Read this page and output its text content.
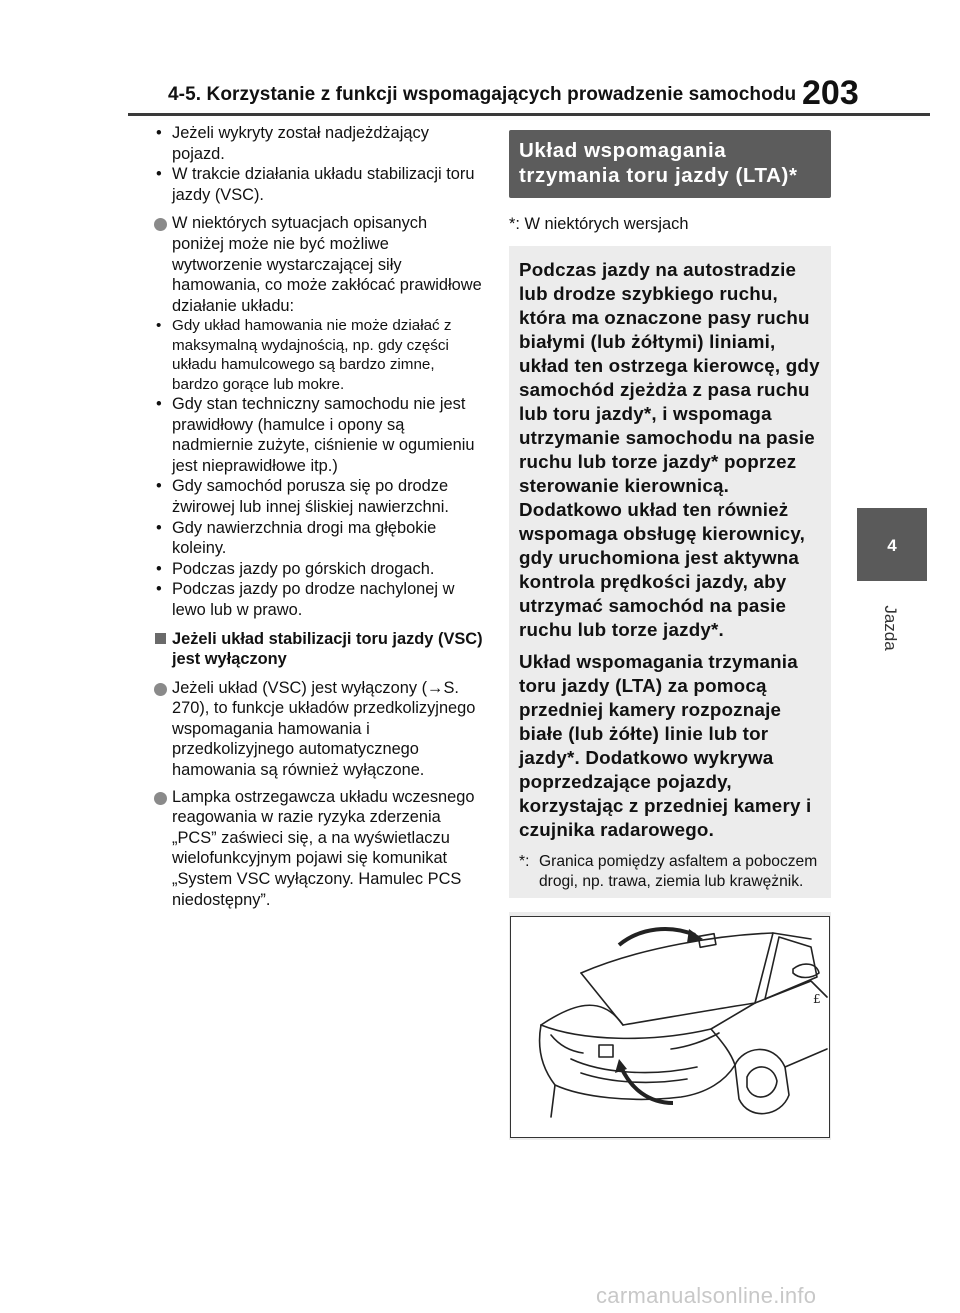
4-5. Korzystanie z funkcji wspomagających prowadzenie samochodu 203
4
Jazda

• Jeżeli wykryty został nadjeżdżający pojazd.

• W trakcie działania układu stabilizacji toru jazdy (VSC).

W niektórych sytuacjach opisanych poniżej może nie być możliwe wytworzenie wystarczającej siły hamowania, co może zakłócać prawidłowe działanie układu:

• Gdy układ hamowania nie może działać z maksymalną wydajnością, np. gdy części układu hamulcowego są bardzo zimne, bardzo gorące lub mokre.

• Gdy stan techniczny samochodu nie jest prawidłowy (hamulce i opony są nadmiernie zużyte, ciśnienie w ogumieniu jest nieprawidłowe itp.)

• Gdy samochód porusza się po drodze żwirowej lub innej śliskiej nawierzchni.

• Gdy nawierzchnia drogi ma głębokie koleiny.

• Podczas jazdy po górskich drogach.

• Podczas jazdy po drodze nachylonej w lewo lub w prawo.

Jeżeli układ stabilizacji toru jazdy (VSC) jest wyłączony

Jeżeli układ (VSC) jest wyłączony (→S. 270), to funkcje układów przedkolizyjnego wspomagania hamowania i przedkolizyjnego automatycznego hamowania są również wyłączone.

Lampka ostrzegawcza układu wczesnego reagowania w razie ryzyka zderzenia „PCS” zaświeci się, a na wyświetlaczu wielofunkcyjnym pojawi się komunikat „System VSC wyłączony. Hamulec PCS niedostępny”.

Układ wspomagania trzymania toru jazdy (LTA)*
*: W niektórych wersjach

Podczas jazdy na autostradzie lub drodze szybkiego ruchu, która ma oznaczone pasy ruchu białymi (lub żółtymi) liniami, układ ten ostrzega kierowcę, gdy samochód zjeżdża z pasa ruchu lub toru jazdy*, i wspomaga utrzymanie samochodu na pasie ruchu lub torze jazdy* poprzez sterowanie kierownicą. Dodatkowo układ ten również wspomaga obsługę kierownicy, gdy uruchomiona jest aktywna kontrola prędkości jazdy, aby utrzymać samochód na pasie ruchu lub torze jazdy*.

Układ wspomagania trzymania toru jazdy (LTA) za pomocą przedniej kamery rozpoznaje białe (lub żółte) linie lub tor jazdy*. Dodatkowo wykrywa poprzedzające pojazdy, korzystając z przedniej kamery i czujnika radarowego.

*: Granica pomiędzy asfaltem a poboczem drogi, np. trawa, ziemia lub krawężnik.

£
carmanualsonline.info
